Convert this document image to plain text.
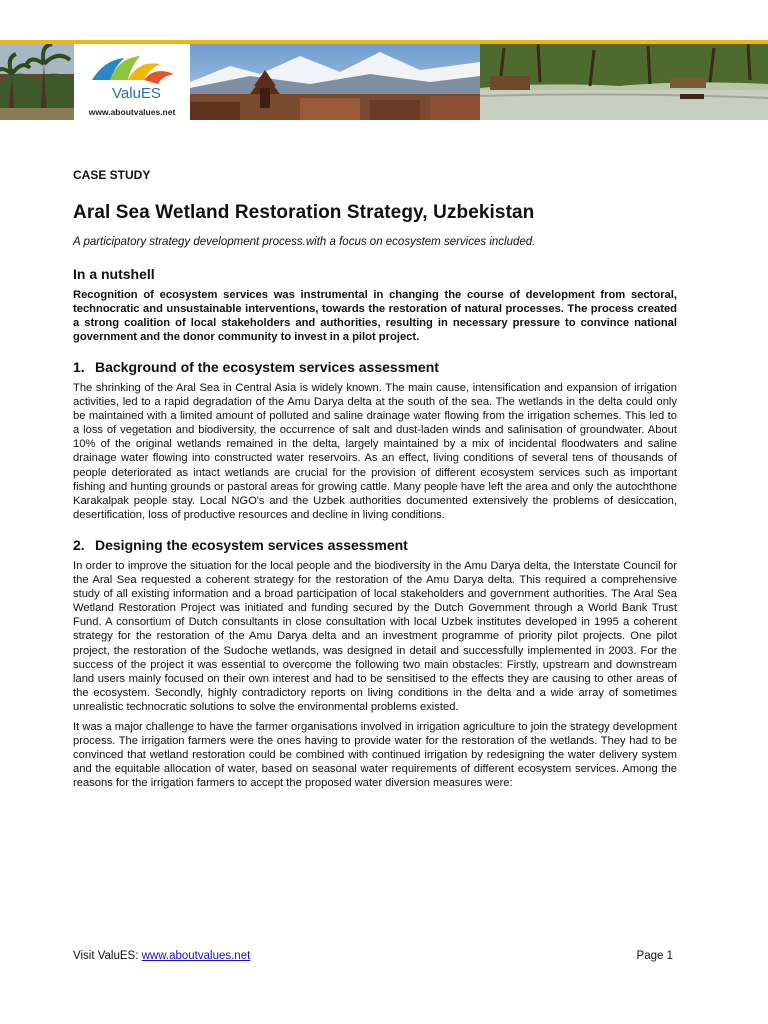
ValuES
www.aboutvalues.net

CASE STUDY

Aral Sea Wetland Restoration Strategy, Uzbekistan

A participatory strategy development process.with a focus on ecosystem services included.

In a nutshell

Recognition of ecosystem services was instrumental in changing the course of development from sectoral, technocratic and unsustainable interventions, towards the restoration of natural processes. The process created a strong coalition of local stakeholders and authorities, resulting in necessary pressure to convince national government and the donor community to invest in a pilot project.

1. Background of the ecosystem services assessment

The shrinking of the Aral Sea in Central Asia is widely known. The main cause, intensification and expansion of irrigation activities, led to a rapid degradation of the Amu Darya delta at the south of the sea. The wetlands in the delta could only be maintained with a limited amount of polluted and saline drainage water flowing from the irrigation schemes. This led to a loss of vegetation and biodiversity, the occurrence of salt and dust-laden winds and salinisation of groundwater. About 10% of the original wetlands remained in the delta, largely maintained by a mix of incidental floodwaters and saline drainage water flowing into constructed water reservoirs. As an effect, living conditions of several tens of thousands of people deteriorated as intact wetlands are crucial for the provision of different ecosystem services such as important fishing and hunting grounds or pastoral areas for growing cattle. Many people have left the area and only the autochthone Karakalpak people stay. Local NGO's and the Uzbek authorities documented extensively the problems of desiccation, desertification, loss of productive resources and decline in living conditions.

2. Designing the ecosystem services assessment

In order to improve the situation for the local people and the biodiversity in the Amu Darya delta, the Interstate Council for the Aral Sea requested a coherent strategy for the restoration of the Amu Darya delta. This required a comprehensive study of all existing information and a broad participation of local stakeholders and government authorities. The Aral Sea Wetland Restoration Project was initiated and funding secured by the Dutch Government through a World Bank Trust Fund. A consortium of Dutch consultants in close consultation with local Uzbek institutes developed in 1995 a coherent strategy for the restoration of the Amu Darya delta and an investment programme of priority pilot projects. One pilot project, the restoration of the Sudoche wetlands, was designed in detail and successfully implemented in 2003. For the success of the project it was essential to overcome the following two main obstacles: Firstly, upstream and downstream land users mainly focused on their own interest and had to be sensitised to the effects they are causing to other areas of the ecosystem. Secondly, highly contradictory reports on living conditions in the delta and a wide array of sometimes unrealistic technocratic solutions to solve the environmental problems existed.

It was a major challenge to have the farmer organisations involved in irrigation agriculture to join the strategy development process. The irrigation farmers were the ones having to provide water for the restoration of the wetlands. They had to be convinced that wetland restoration could be combined with continued irrigation by redesigning the water delivery system and the equitable allocation of water, based on seasonal water requirements of different ecosystem services. Among the reasons for the irrigation farmers to accept the proposed water diversion measures were:

Visit ValuES: www.aboutvalues.net	Page 1
